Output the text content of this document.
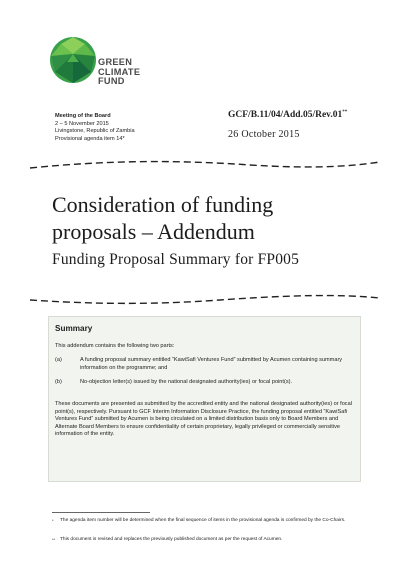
GREEN
CLIMATE
FUND
Meeting of the Board
2 – 5 November 2015
Livingstone, Republic of Zambia
Provisional agenda item 14*
GCF/B.11/04/Add.05/Rev.01**
26 October 2015
Consideration of funding proposals – Addendum
Funding Proposal Summary for FP005
Summary
This addendum contains the following two parts:
(a)	A funding proposal summary entitled “KawiSafi Ventures Fund” submitted by Acumen containing summary information on the programme; and
(b)	No-objection letter(s) issued by the national designated authority(ies) or focal point(s).
These documents are presented as submitted by the accredited entity and the national designated authority(ies) or focal point(s), respectively. Pursuant to GCF Interim Information Disclosure Practice, the funding proposal entitled “KawiSafi Ventures Fund” submitted by Acumen is being circulated on a limited distribution basis only to Board Members and Alternate Board Members to ensure confidentiality of certain proprietary, legally privileged or commercially sensitive information of the entity.
* The agenda item number will be determined when the final sequence of items in the provisional agenda is confirmed by the Co-Chairs.
** This document is revised and replaces the previously published document as per the request of Acumen.
